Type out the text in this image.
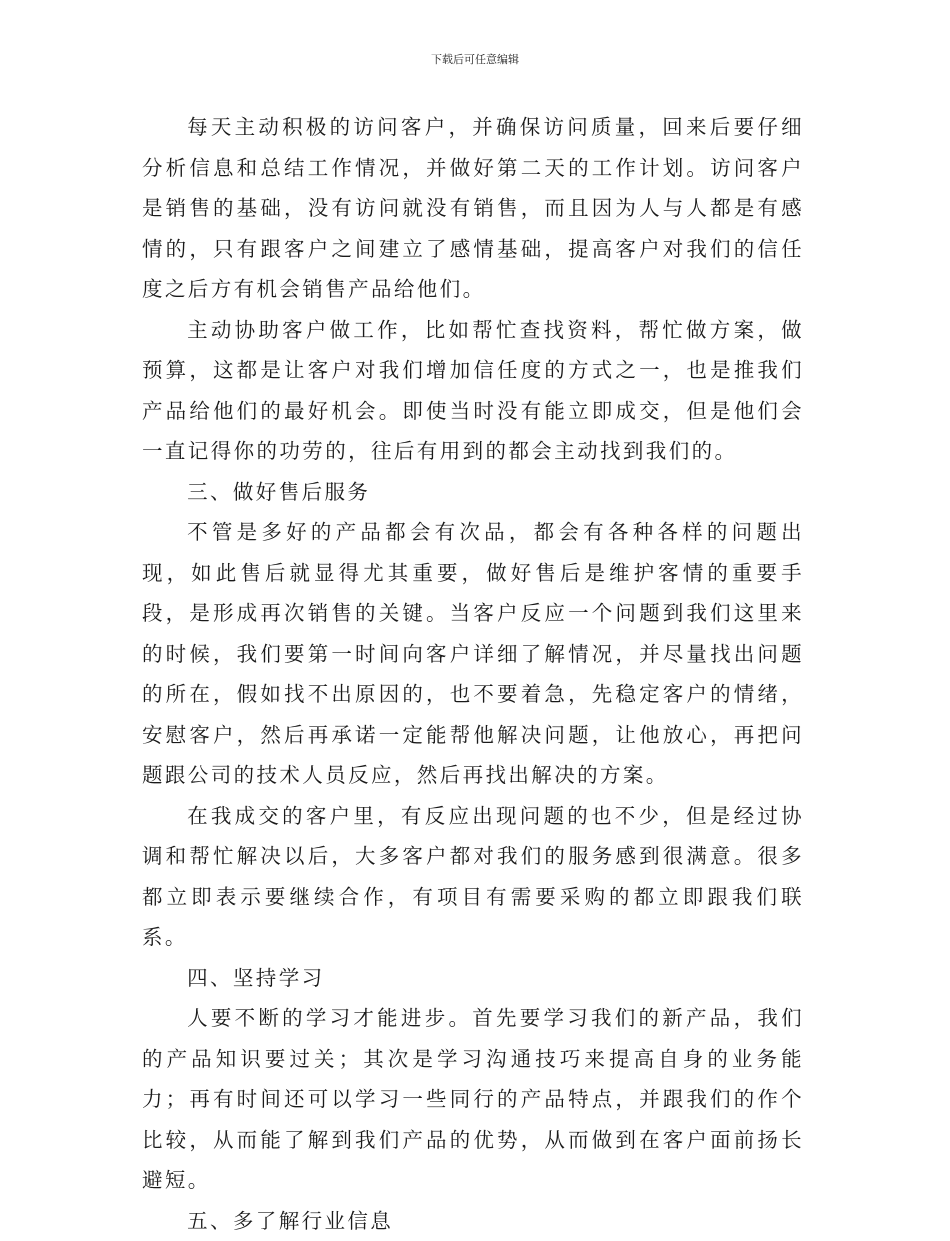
下载后可任意编辑

每天主动积极的访问客户，并确保访问质量，回来后要仔细分析信息和总结工作情况，并做好第二天的工作计划。访问客户是销售的基础，没有访问就没有销售，而且因为人与人都是有感情的，只有跟客户之间建立了感情基础，提高客户对我们的信任度之后方有机会销售产品给他们。

主动协助客户做工作，比如帮忙查找资料，帮忙做方案，做预算，这都是让客户对我们增加信任度的方式之一，也是推我们产品给他们的最好机会。即使当时没有能立即成交，但是他们会一直记得你的功劳的，往后有用到的都会主动找到我们的。

三、做好售后服务

不管是多好的产品都会有次品，都会有各种各样的问题出现，如此售后就显得尤其重要，做好售后是维护客情的重要手段，是形成再次销售的关键。当客户反应一个问题到我们这里来的时候，我们要第一时间向客户详细了解情况，并尽量找出问题的所在，假如找不出原因的，也不要着急，先稳定客户的情绪，安慰客户，然后再承诺一定能帮他解决问题，让他放心，再把问题跟公司的技术人员反应，然后再找出解决的方案。

在我成交的客户里，有反应出现问题的也不少，但是经过协调和帮忙解决以后，大多客户都对我们的服务感到很满意。很多都立即表示要继续合作，有项目有需要采购的都立即跟我们联系。

四、坚持学习

人要不断的学习才能进步。首先要学习我们的新产品，我们的产品知识要过关；其次是学习沟通技巧来提高自身的业务能力；再有时间还可以学习一些同行的产品特点，并跟我们的作个比较，从而能了解到我们产品的优势，从而做到在客户面前扬长避短。

五、多了解行业信息
